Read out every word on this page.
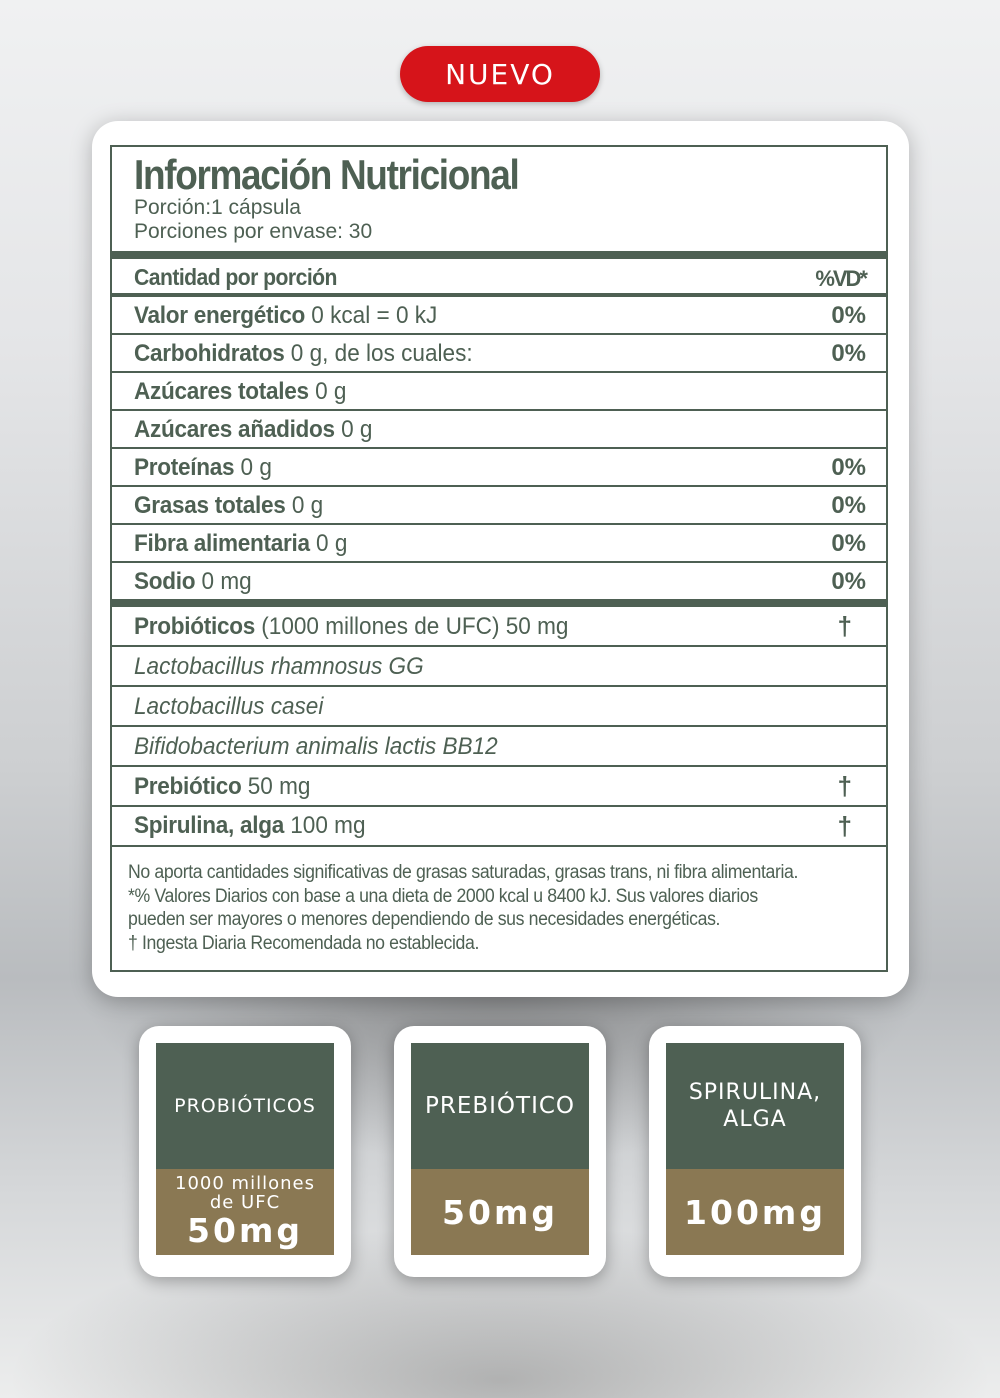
NUEVO
Información Nutricional
Porción:1 cápsula
Porciones por envase: 30
Cantidad por porción	%VD*
Valor energético 0 kcal = 0 kJ	0%
Carbohidratos 0 g, de los cuales:	0%
Azúcares totales 0 g
Azúcares añadidos 0 g
Proteínas 0 g	0%
Grasas totales 0 g	0%
Fibra alimentaria 0 g	0%
Sodio 0 mg	0%
Probióticos (1000 millones de UFC) 50 mg	†
Lactobacillus rhamnosus GG
Lactobacillus casei
Bifidobacterium animalis lactis BB12
Prebiótico 50 mg	†
Spirulina, alga 100 mg	†
No aporta cantidades significativas de grasas saturadas, grasas trans, ni fibra alimentaria.
*% Valores Diarios con base a una dieta de 2000 kcal u 8400 kJ. Sus valores diarios
pueden ser mayores o menores dependiendo de sus necesidades energéticas.
† Ingesta Diaria Recomendada no establecida.
PROBIÓTICOS
1000 millones
de UFC
50mg
PREBIÓTICO
50mg
SPIRULINA,
ALGA
100mg
